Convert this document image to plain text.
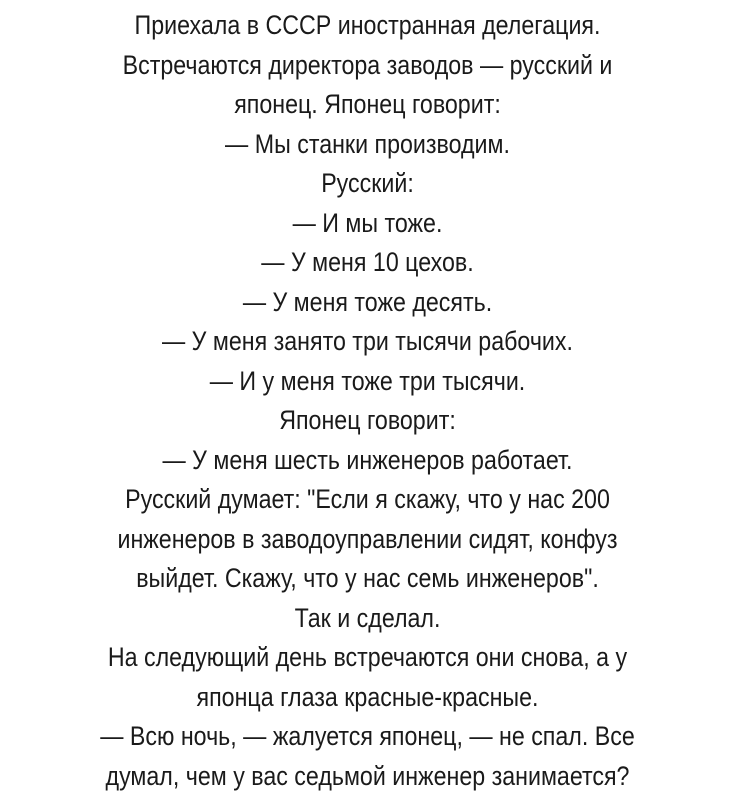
Приехала в СССР иностранная делегация.
Встречаются директора заводов — русский и
японец. Японец говорит:
— Мы станки производим.
Русский:
— И мы тоже.
— У меня 10 цехов.
— У меня тоже десять.
— У меня занято три тысячи рабочих.
— И у меня тоже три тысячи.
Японец говорит:
— У меня шесть инженеров работает.
Русский думает: "Если я скажу, что у нас 200
инженеров в заводоуправлении сидят, конфуз
выйдет. Скажу, что у нас семь инженеров".
Так и сделал.
На следующий день встречаются они снова, а у
японца глаза красные-красные.
— Всю ночь, — жалуется японец, — не спал. Все
думал, чем у вас седьмой инженер занимается?
